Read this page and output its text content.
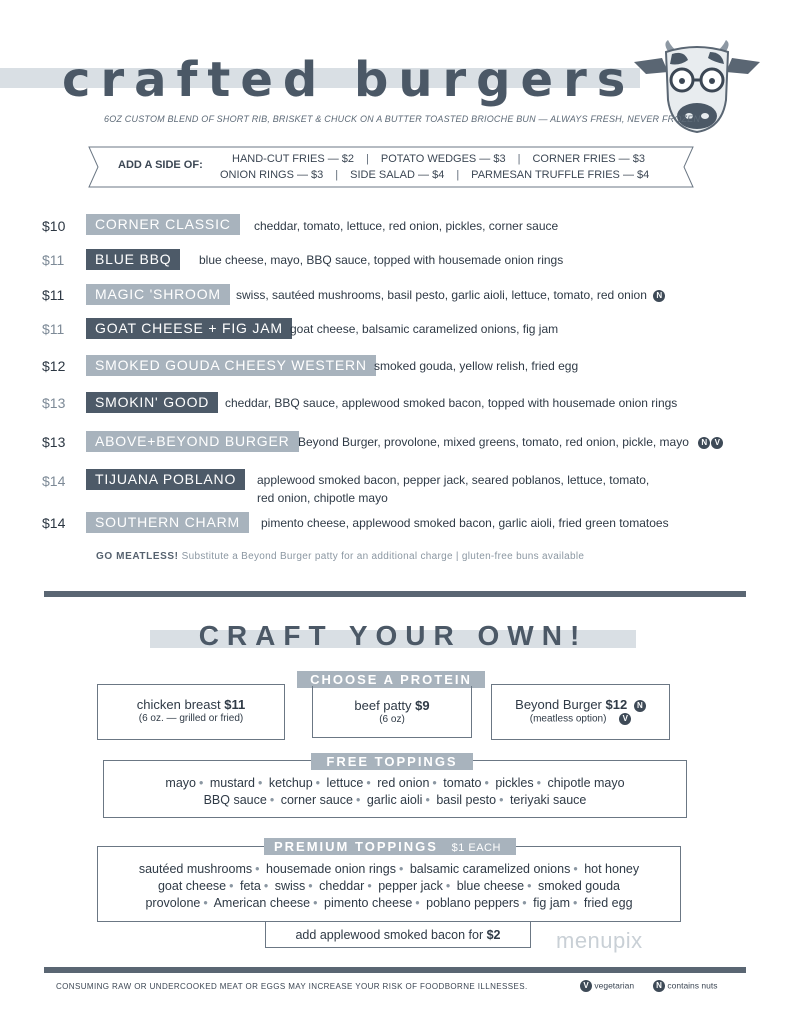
crafted burgers
6OZ CUSTOM BLEND OF SHORT RIB, BRISKET & CHUCK ON A BUTTER TOASTED BRIOCHE BUN — ALWAYS FRESH, NEVER FROZEN
ADD A SIDE OF:	HAND-CUT FRIES — $2 | POTATO WEDGES — $3 | CORNER FRIES — $3
ONION RINGS — $3 | SIDE SALAD — $4 | PARMESAN TRUFFLE FRIES — $4
$10	CORNER CLASSIC	cheddar, tomato, lettuce, red onion, pickles, corner sauce
$11	BLUE BBQ	blue cheese, mayo, BBQ sauce, topped with housemade onion rings
$11	MAGIC 'SHROOM	swiss, sautéed mushrooms, basil pesto, garlic aioli, lettuce, tomato, red onion N
$11	GOAT CHEESE + FIG JAM goat cheese, balsamic caramelized onions, fig jam
$12	SMOKED GOUDA CHEESY WESTERN smoked gouda, yellow relish, fried egg
$13	SMOKIN' GOOD	cheddar, BBQ sauce, applewood smoked bacon, topped with housemade onion rings
$13	ABOVE+BEYOND BURGER Beyond Burger, provolone, mixed greens, tomato, red onion, pickle, mayo N V
$14	TIJUANA POBLANO	applewood smoked bacon, pepper jack, seared poblanos, lettuce, tomato,
red onion, chipotle mayo
$14	SOUTHERN CHARM	pimento cheese, applewood smoked bacon, garlic aioli, fried green tomatoes
GO MEATLESS! Substitute a Beyond Burger patty for an additional charge | gluten-free buns available
CRAFT YOUR OWN!
CHOOSE A PROTEIN
chicken breast $11
(6 oz. — grilled or fried)
beef patty $9
(6 oz)
Beyond Burger $12 N
(meatless option) V
mayo • mustard • ketchup • lettuce • red onion • tomato • pickles • chipotle mayo
BBQ sauce • corner sauce • garlic aioli • basil pesto • teriyaki sauce
FREE TOPPINGS
sautéed mushrooms • housemade onion rings • balsamic caramelized onions • hot honey
goat cheese • feta • swiss • cheddar • pepper jack • blue cheese • smoked gouda
provolone • American cheese • pimento cheese • poblano peppers • fig jam • fried egg
PREMIUM TOPPINGS $1 EACH
add applewood smoked bacon for $2	menupix
CONSUMING RAW OR UNDERCOOKED MEAT OR EGGS MAY INCREASE YOUR RISK OF FOODBORNE ILLNESSES.	V vegetarian	N contains nuts
